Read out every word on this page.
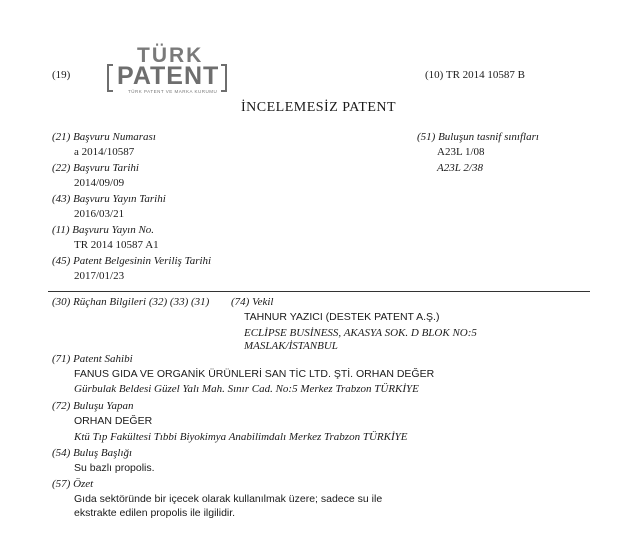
(19)	(10) TR 2014 10587 B
TÜRK
PATENT
TÜRK PATENT VE MARKA KURUMU
İNCELEMESİZ PATENT
(21) Başvuru Numarası
a 2014/10587
(22) Başvuru Tarihi
2014/09/09
(43) Başvuru Yayın Tarihi
2016/03/21
(11) Başvuru Yayın No.
TR 2014 10587 A1
(45) Patent Belgesinin Veriliş Tarihi
2017/01/23
(51) Buluşun tasnif sınıfları
A23L 1/08
A23L 2/38
(30) Rüçhan Bilgileri (32) (33) (31) (74) Vekil
TAHNUR YAZICI (DESTEK PATENT A.Ş.)
ECLİPSE BUSİNESS, AKASYA SOK. D BLOK NO:5
MASLAK/İSTANBUL
(71) Patent Sahibi
FANUS GIDA VE ORGANİK ÜRÜNLERİ SAN TİC LTD. ŞTİ. ORHAN DEĞER
Gürbulak Beldesi Güzel Yalı Mah. Sınır Cad. No:5 Merkez Trabzon TÜRKİYE
(72) Buluşu Yapan
ORHAN DEĞER
Ktü Tıp Fakültesi Tıbbi Biyokimya Anabilimdalı Merkez Trabzon TÜRKİYE
(54) Buluş Başlığı
Su bazlı propolis.
(57) Özet
Gıda sektöründe bir içecek olarak kullanılmak üzere; sadece su ile
ekstrakte edilen propolis ile ilgilidir.
